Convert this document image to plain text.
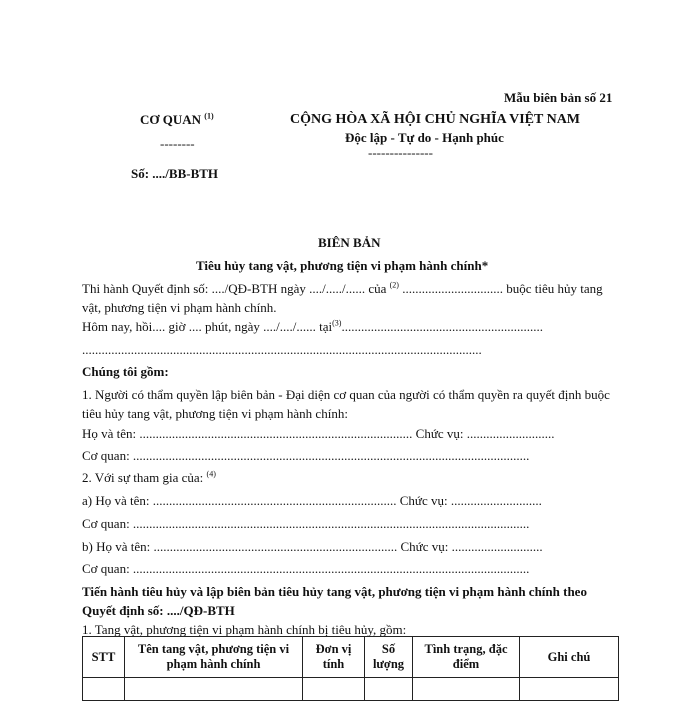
Mẫu biên bản số 21
CƠ QUAN $^{(1)}$
--------
Số: ..../BB-BTH
CỘNG HÒA XÃ HỘI CHỦ NGHĨA VIỆT NAM
Độc lập - Tự do - Hạnh phúc
---------------
BIÊN BẢN
Tiêu hủy tang vật, phương tiện vi phạm hành chính*
Thi hành Quyết định số: ..../QĐ-BTH ngày ..../...../...... của $^{(2)}$ ............................... buộc tiêu hủy tang vật, phương tiện vi phạm hành chính.
Hôm nay, hồi.... giờ .... phút, ngày ..../..../...... tại$^{(3)}$..............................................................
...........................................................................................................................
Chúng tôi gồm:
1. Người có thẩm quyền lập biên bản - Đại diện cơ quan của người có thẩm quyền ra quyết định buộc tiêu hủy tang vật, phương tiện vi phạm hành chính:
Họ và tên: .................................................................................... Chức vụ: ...........................
Cơ quan: ..........................................................................................................................
2. Với sự tham gia của: $^{(4)}$
a) Họ và tên: ........................................................................... Chức vụ: ............................
Cơ quan: ..........................................................................................................................
b) Họ và tên: ........................................................................... Chức vụ: ............................
Cơ quan: ..........................................................................................................................
Tiến hành tiêu hủy và lập biên bản tiêu hủy tang vật, phương tiện vi phạm hành chính theo Quyết định số: ..../QĐ-BTH
1. Tang vật, phương tiện vi phạm hành chính bị tiêu hủy, gồm:
STT	Tên tang vật, phương tiện vi phạm hành chính	Đơn vị tính	Số lượng	Tình trạng, đặc điểm	Ghi chú
